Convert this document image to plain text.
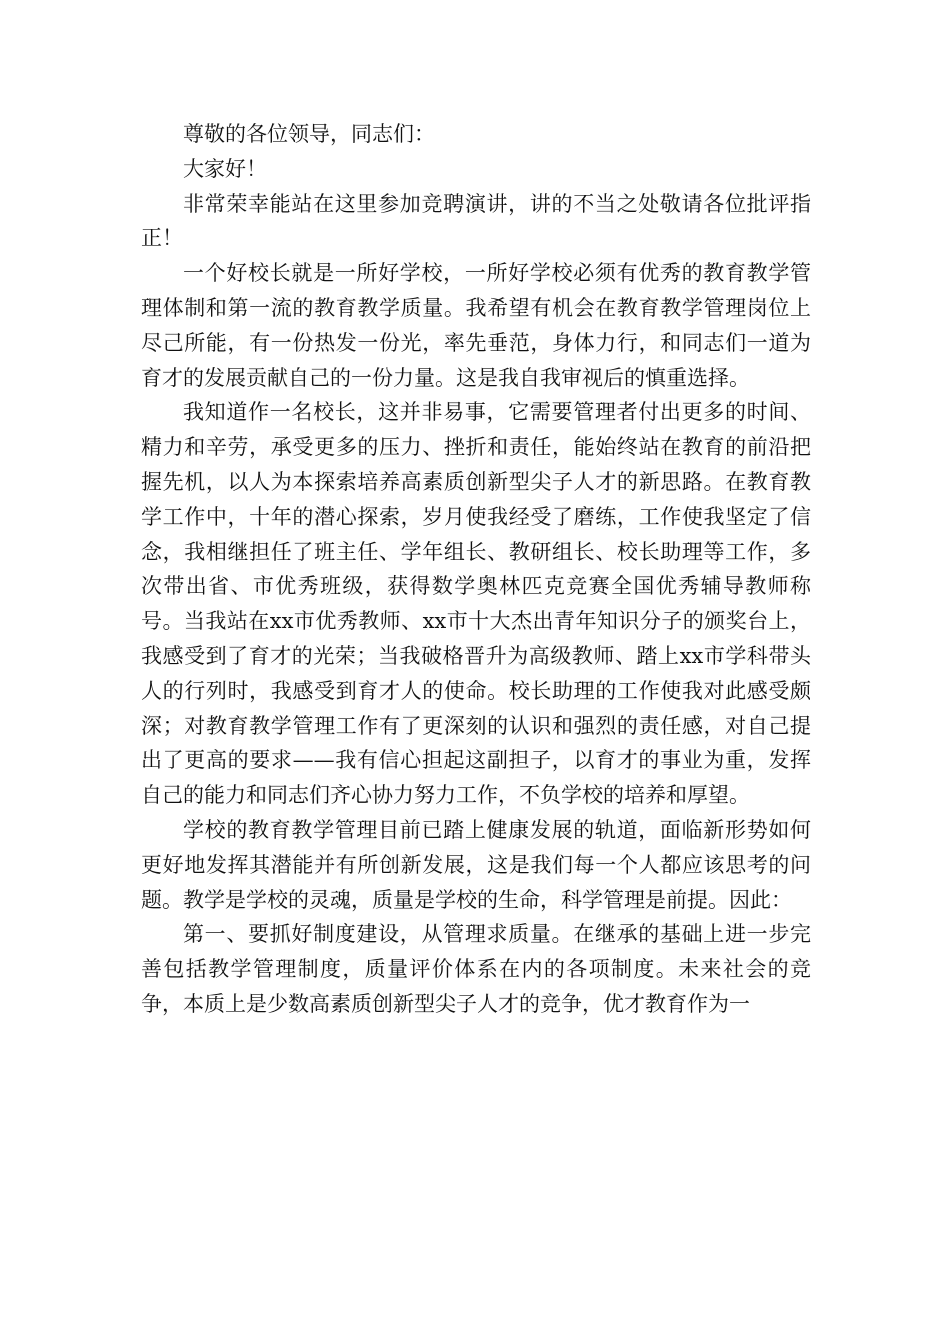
尊敬的各位领导，同志们：

大家好！

非常荣幸能站在这里参加竞聘演讲，讲的不当之处敬请各位批评指正！

一个好校长就是一所好学校，一所好学校必须有优秀的教育教学管理体制和第一流的教育教学质量。我希望有机会在教育教学管理岗位上尽己所能，有一份热发一份光，率先垂范，身体力行，和同志们一道为育才的发展贡献自己的一份力量。这是我自我审视后的慎重选择。

我知道作一名校长，这并非易事，它需要管理者付出更多的时间、精力和辛劳，承受更多的压力、挫折和责任，能始终站在教育的前沿把握先机，以人为本探索培养高素质创新型尖子人才的新思路。在教育教学工作中，十年的潜心探索，岁月使我经受了磨练，工作使我坚定了信念，我相继担任了班主任、学年组长、教研组长、校长助理等工作，多次带出省、市优秀班级，获得数学奥林匹克竞赛全国优秀辅导教师称号。当我站在xx市优秀教师、xx市十大杰出青年知识分子的颁奖台上，我感受到了育才的光荣；当我破格晋升为高级教师、踏上xx市学科带头人的行列时，我感受到育才人的使命。校长助理的工作使我对此感受颇深；对教育教学管理工作有了更深刻的认识和强烈的责任感，对自己提出了更高的要求——我有信心担起这副担子，以育才的事业为重，发挥自己的能力和同志们齐心协力努力工作，不负学校的培养和厚望。

学校的教育教学管理目前已踏上健康发展的轨道，面临新形势如何更好地发挥其潜能并有所创新发展，这是我们每一个人都应该思考的问题。教学是学校的灵魂，质量是学校的生命，科学管理是前提。因此：

第一、要抓好制度建设，从管理求质量。在继承的基础上进一步完善包括教学管理制度，质量评价体系在内的各项制度。未来社会的竞争，本质上是少数高素质创新型尖子人才的竞争，优才教育作为一
